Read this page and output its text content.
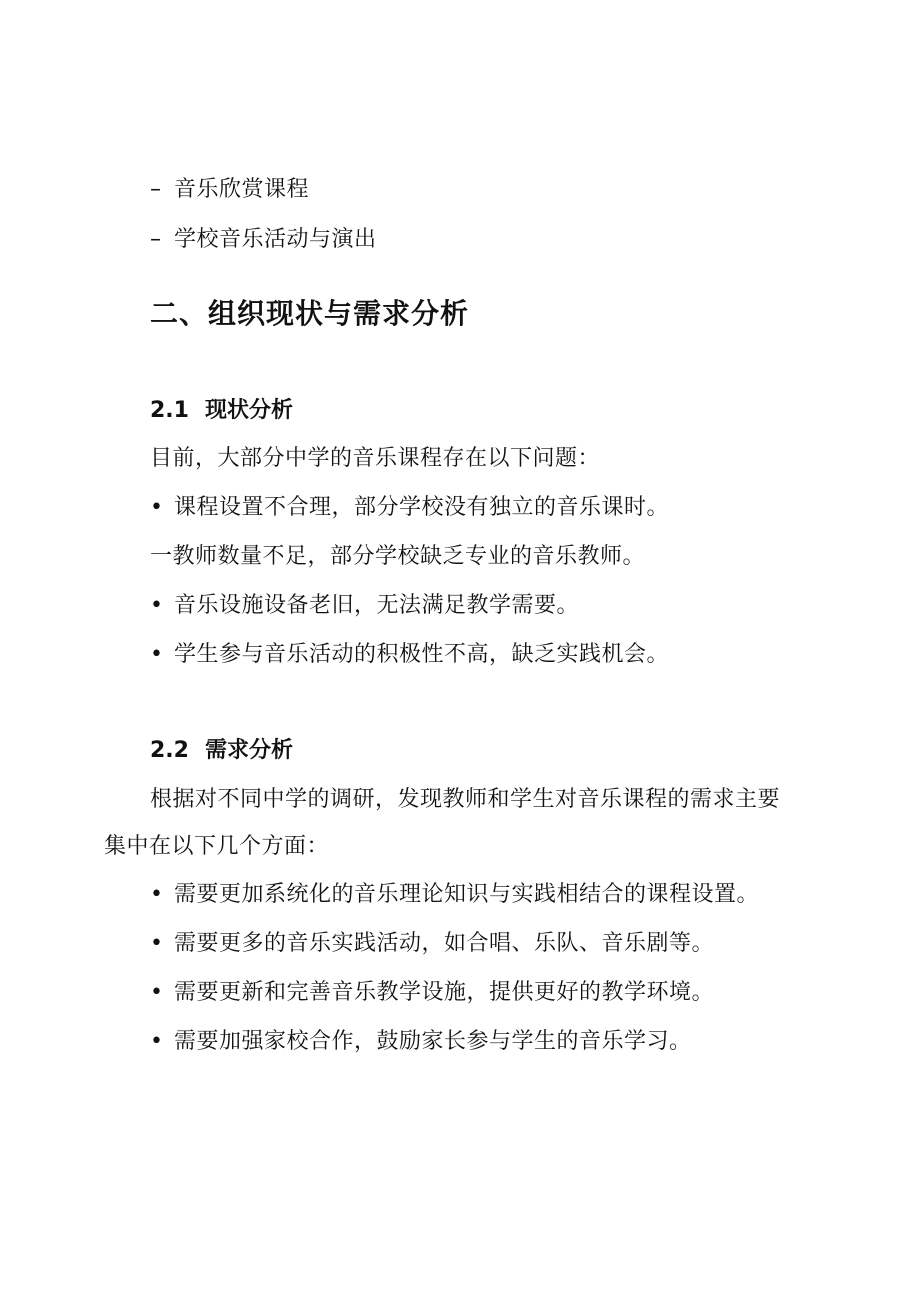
– 音乐欣赏课程
– 学校音乐活动与演出
二、组织现状与需求分析
2.1 现状分析
目前，大部分中学的音乐课程存在以下问题：
• 课程设置不合理，部分学校没有独立的音乐课时。
一教师数量不足，部分学校缺乏专业的音乐教师。
• 音乐设施设备老旧，无法满足教学需要。
• 学生参与音乐活动的积极性不高，缺乏实践机会。
2.2 需求分析
根据对不同中学的调研，发现教师和学生对音乐课程的需求主要
集中在以下几个方面：
• 需要更加系统化的音乐理论知识与实践相结合的课程设置。
• 需要更多的音乐实践活动，如合唱、乐队、音乐剧等。
• 需要更新和完善音乐教学设施，提供更好的教学环境。
• 需要加强家校合作，鼓励家长参与学生的音乐学习。
